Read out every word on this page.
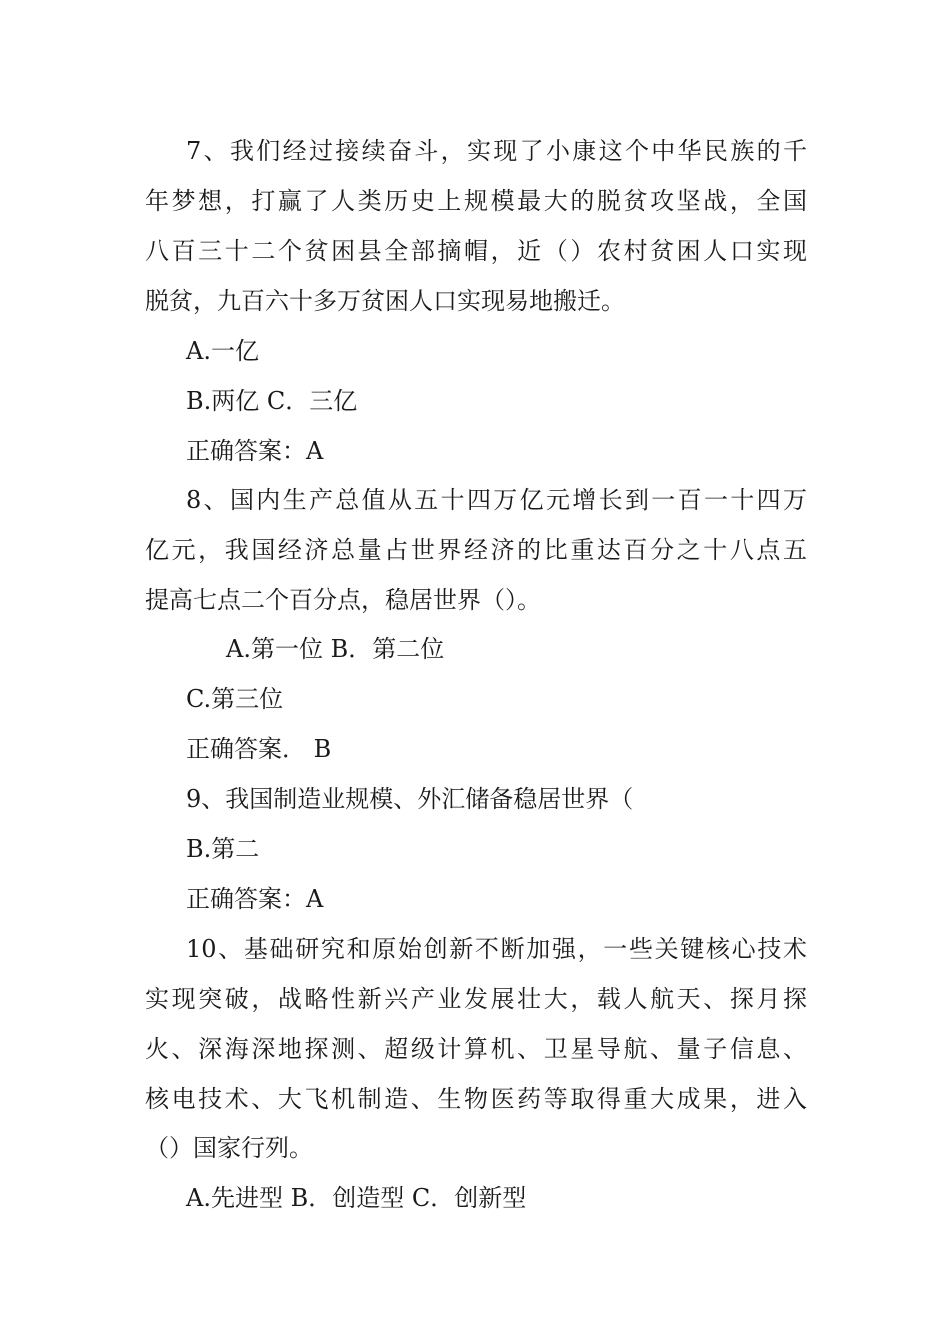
7、我们经过接续奋斗，实现了小康这个中华民族的千
年梦想，打赢了人类历史上规模最大的脱贫攻坚战，全国
八百三十二个贫困县全部摘帽，近（）农村贫困人口实现
脱贫，九百六十多万贫困人口实现易地搬迁。
A.一亿
B.两亿 C．三亿
正确答案：A
8、国内生产总值从五十四万亿元增长到一百一十四万
亿元，我国经济总量占世界经济的比重达百分之十八点五
提高七点二个百分点，稳居世界（）。
A.第一位 B．第二位
C.第三位
正确答案． B
9、我国制造业规模、外汇储备稳居世界（
B.第二
正确答案：A
10、基础研究和原始创新不断加强，一些关键核心技术
实现突破，战略性新兴产业发展壮大，载人航天、探月探
火、深海深地探测、超级计算机、卫星导航、量子信息、
核电技术、大飞机制造、生物医药等取得重大成果，进入
（）国家行列。
A.先进型 B．创造型 C．创新型
